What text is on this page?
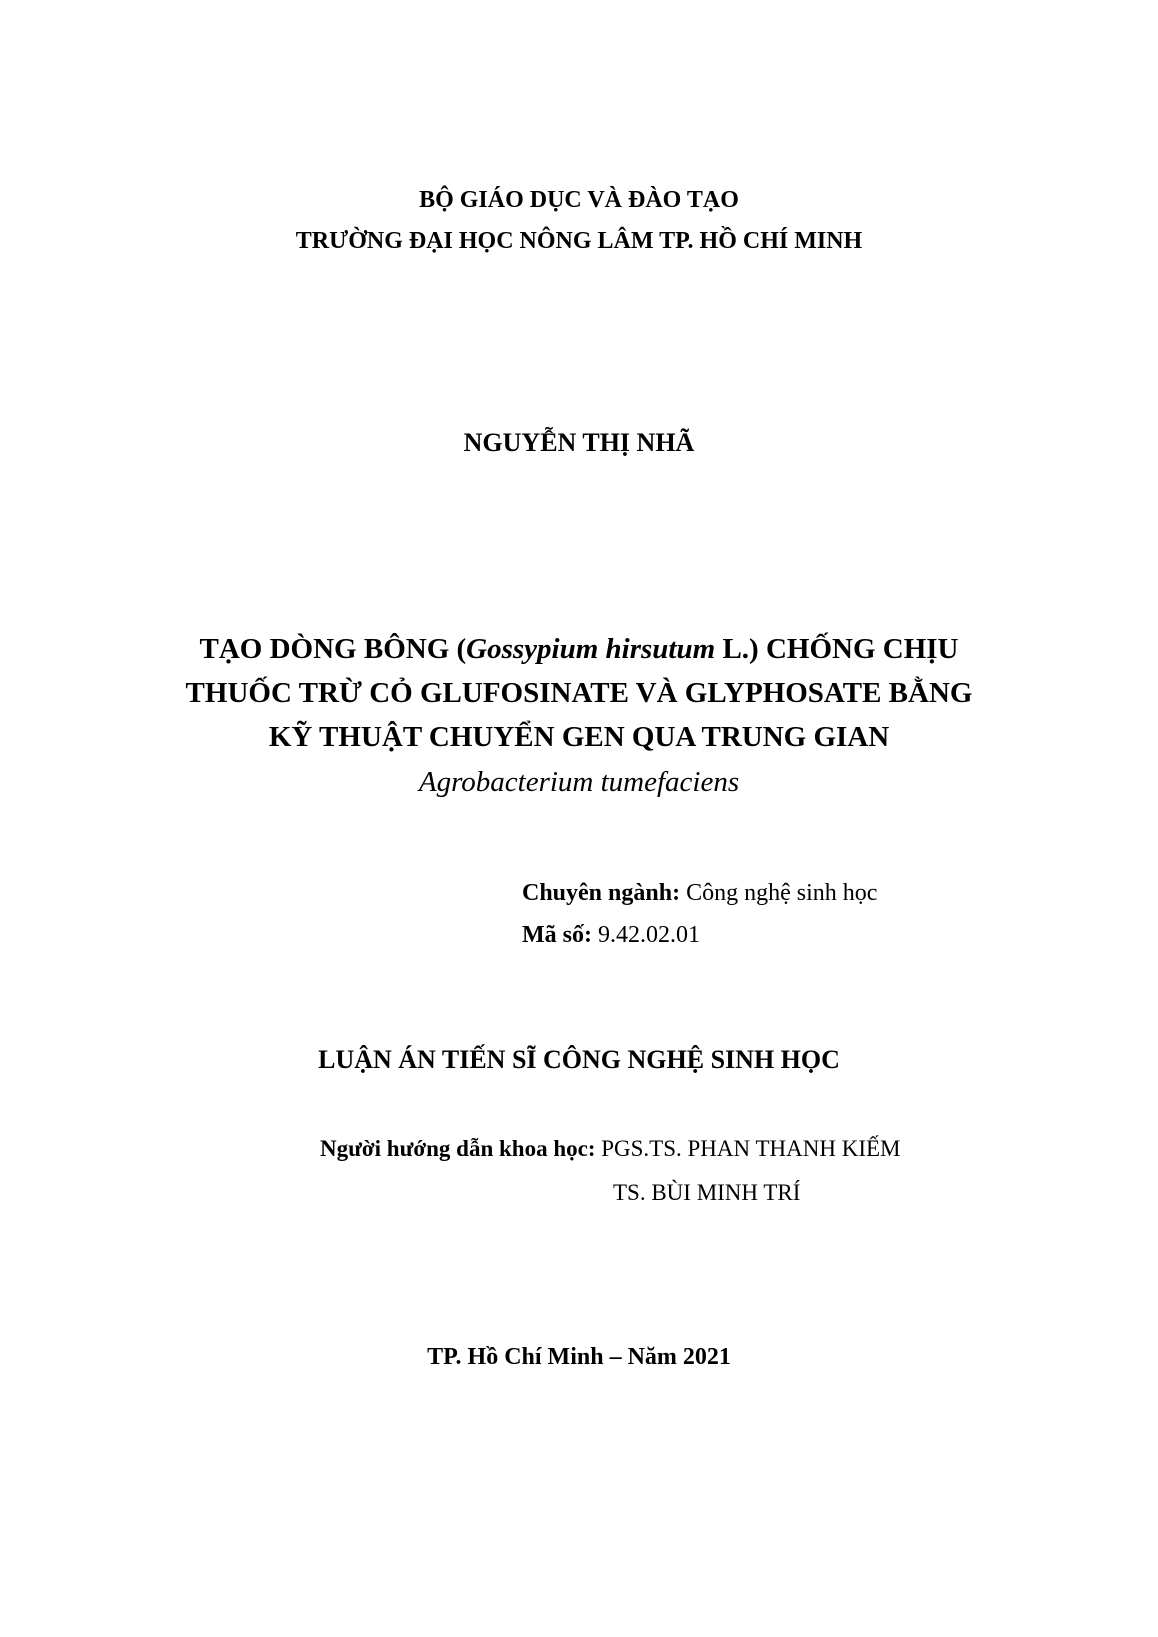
BỘ GIÁO DỤC VÀ ĐÀO TẠO
TRƯỜNG ĐẠI HỌC NÔNG LÂM TP. HỒ CHÍ MINH
NGUYỄN THỊ NHÃ
TẠO DÒNG BÔNG (Gossypium hirsutum L.) CHỐNG CHỊU
THUỐC TRỪ CỎ GLUFOSINATE VÀ GLYPHOSATE BẰNG
KỸ THUẬT CHUYỂN GEN QUA TRUNG GIAN
Agrobacterium tumefaciens
Chuyên ngành: Công nghệ sinh học
Mã số: 9.42.02.01
LUẬN ÁN TIẾN SĨ CÔNG NGHỆ SINH HỌC
Người hướng dẫn khoa học: PGS.TS. PHAN THANH KIẾM
TS. BÙI MINH TRÍ
TP. Hồ Chí Minh – Năm 2021
